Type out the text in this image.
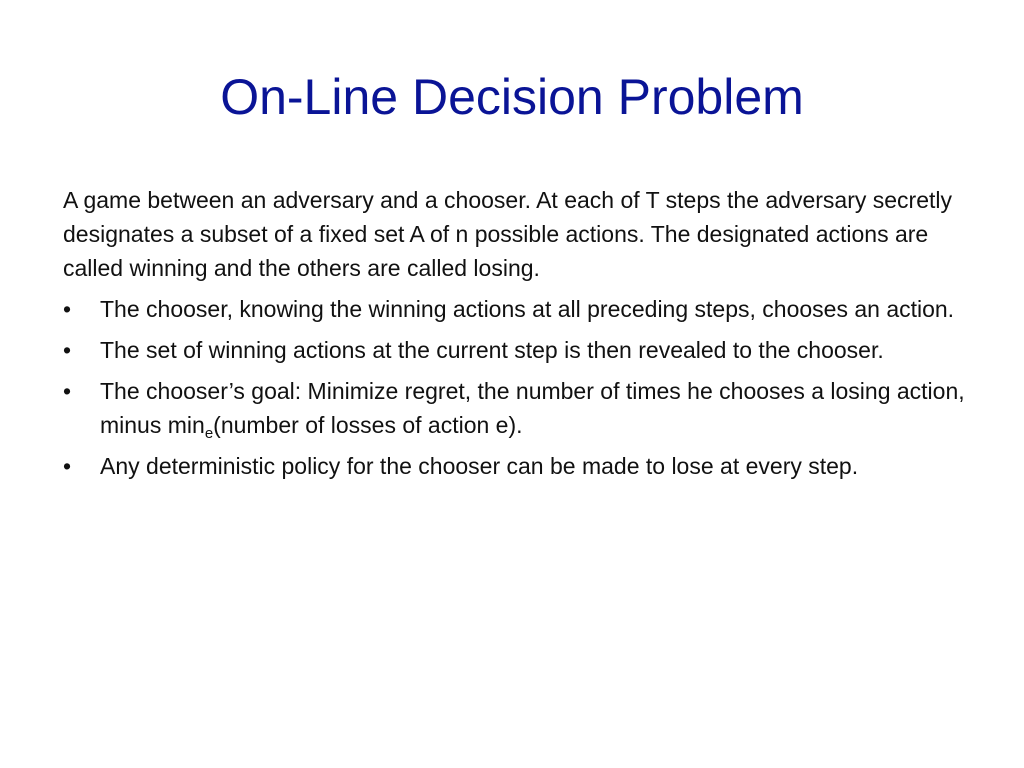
On-Line Decision Problem

A game between an adversary and a chooser. At each of T steps the adversary secretly designates a subset of a fixed set A of n possible actions. The designated actions are called winning and the others are called losing.

• The chooser, knowing the winning actions at all preceding steps, chooses an action.
• The set of winning actions at the current step is then revealed to the chooser.
• The chooser’s goal: Minimize regret, the number of times he chooses a losing action, minus $\min_e(number$ of losses of action e).
• Any deterministic policy for the chooser can be made to lose at every step.
